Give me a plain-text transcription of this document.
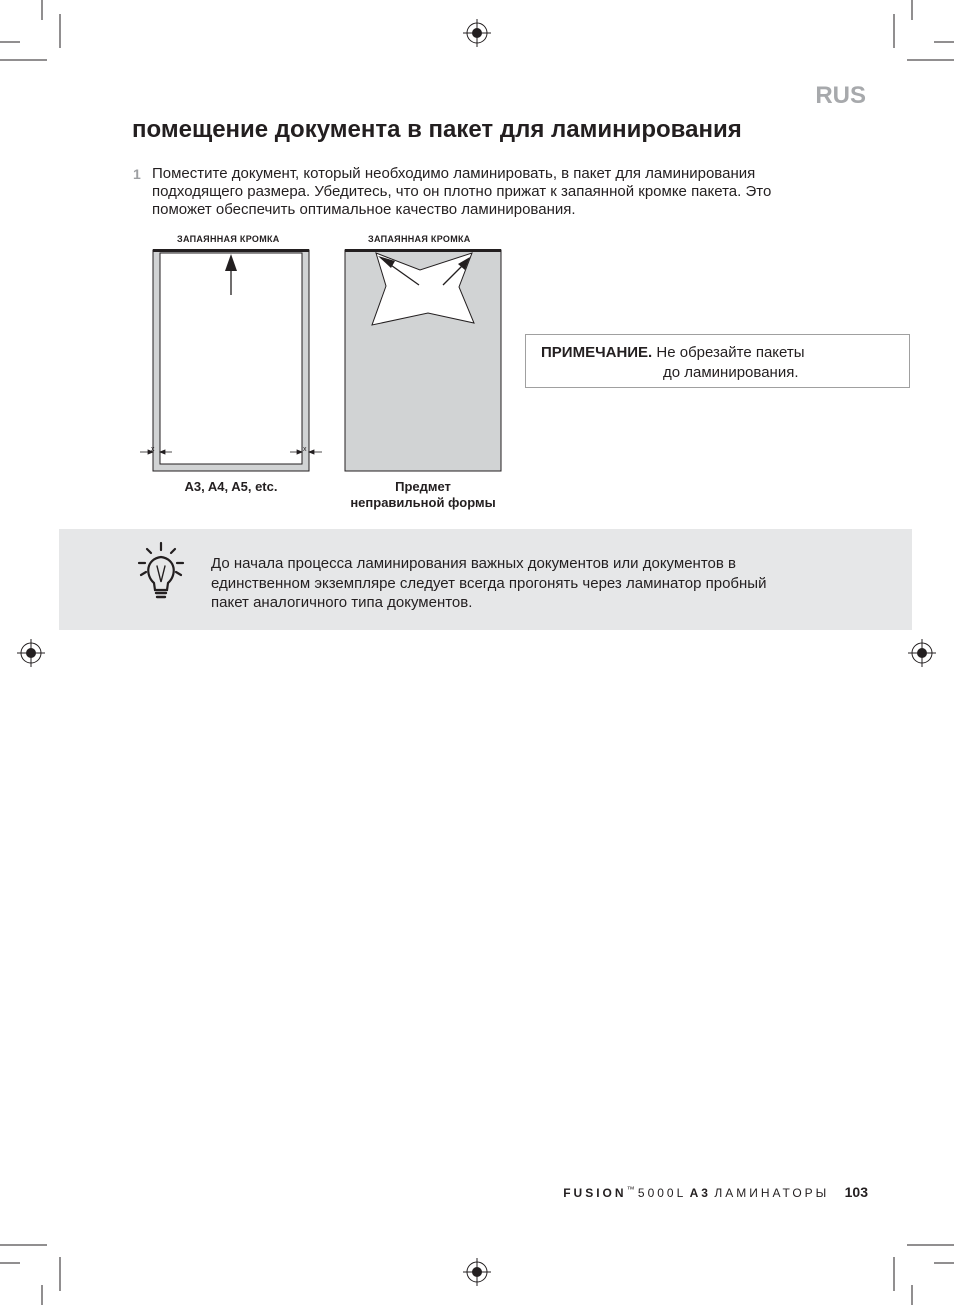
RUS
помещение документа в пакет для ламинирования
1 Поместите документ, который необходимо ламинировать, в пакет для ламинирования
подходящего размера. Убедитесь, что он плотно прижат к запаянной кромке пакета. Это
поможет обеспечить оптимальное качество ламинирования.
ЗАПАЯННАЯ КРОМКА
x	x
A3, A4, A5, etc.
ЗАПАЯННАЯ КРОМКА
Предмет
неправильной формы
ПРИМЕЧАНИЕ. Не обрезайте пакеты
до ламинирования.
До начала процесса ламинирования важных документов или документов в
единственном экземпляре следует всегда прогонять через ламинатор пробный
пакет аналогичного типа документов.
FUSION™ 5000L A3 ЛАМИНАТОРЫ 103
